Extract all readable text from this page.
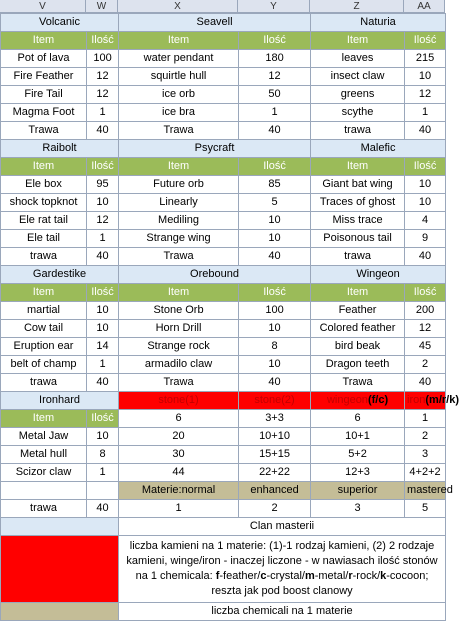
V	W	X	Y	Z	AA
Volcanic		Seavell		Naturia	
Item	Ilość	Item	Ilość	Item	Ilość
Pot of lava	100	water pendant	180	leaves	215
Fire Feather	12	squirtle hull	12	insect claw	10
Fire Tail	12	ice orb	50	greens	12
Magma Foot	1	ice bra	1	scythe	1
Trawa	40	Trawa	40	trawa	40
Raibolt		Psycraft		Malefic	
Item	Ilość	Item	Ilość	Item	Ilość
Ele box	95	Future orb	85	Giant bat wing	10
shock topknot	10	Linearly	5	Traces of ghost	10
Ele rat tail	12	Mediling	10	Miss trace	4
Ele tail	1	Strange wing	10	Poisonous tail	9
trawa	40	Trawa	40	trawa	40
Gardestike		Orebound		Wingeon	
Item	Ilość	Item	Ilość	Item	Ilość
martial	10	Stone Orb	100	Feather	200
Cow tail	10	Horn Drill	10	Colored feather	12
Eruption ear	14	Strange rock	8	bird beak	45
belt of champ	1	armadilo claw	10	Dragon teeth	2
trawa	40	Trawa	40	Trawa	40
Ironhard		stone(1)	stone(2)	wingeon(f/c)	iron(m/r/k)
Item	Ilość	6	3+3	6	1
Metal Jaw	10	20	10+10	10+1	2
Metal hull	8	30	15+15	5+2	3
Scizor claw	1	44	22+22	12+3	4+2+2
		Materie:normal	enhanced	superior	mastered
trawa	40	1	2	3	5
		Clan masterii			
		liczba kamieni na 1 materie: (1)-1 rodzaj kamieni, (2) 2 rodzaje kamieni, winge/iron - inaczej liczone - w nawiasach ilość stonów na 1 chemicala: f-feather/c-crystal/m-metal/r-rock/k-cocoon; reszta jak pod boost clanowy			
		liczba chemicali na 1 materie			
